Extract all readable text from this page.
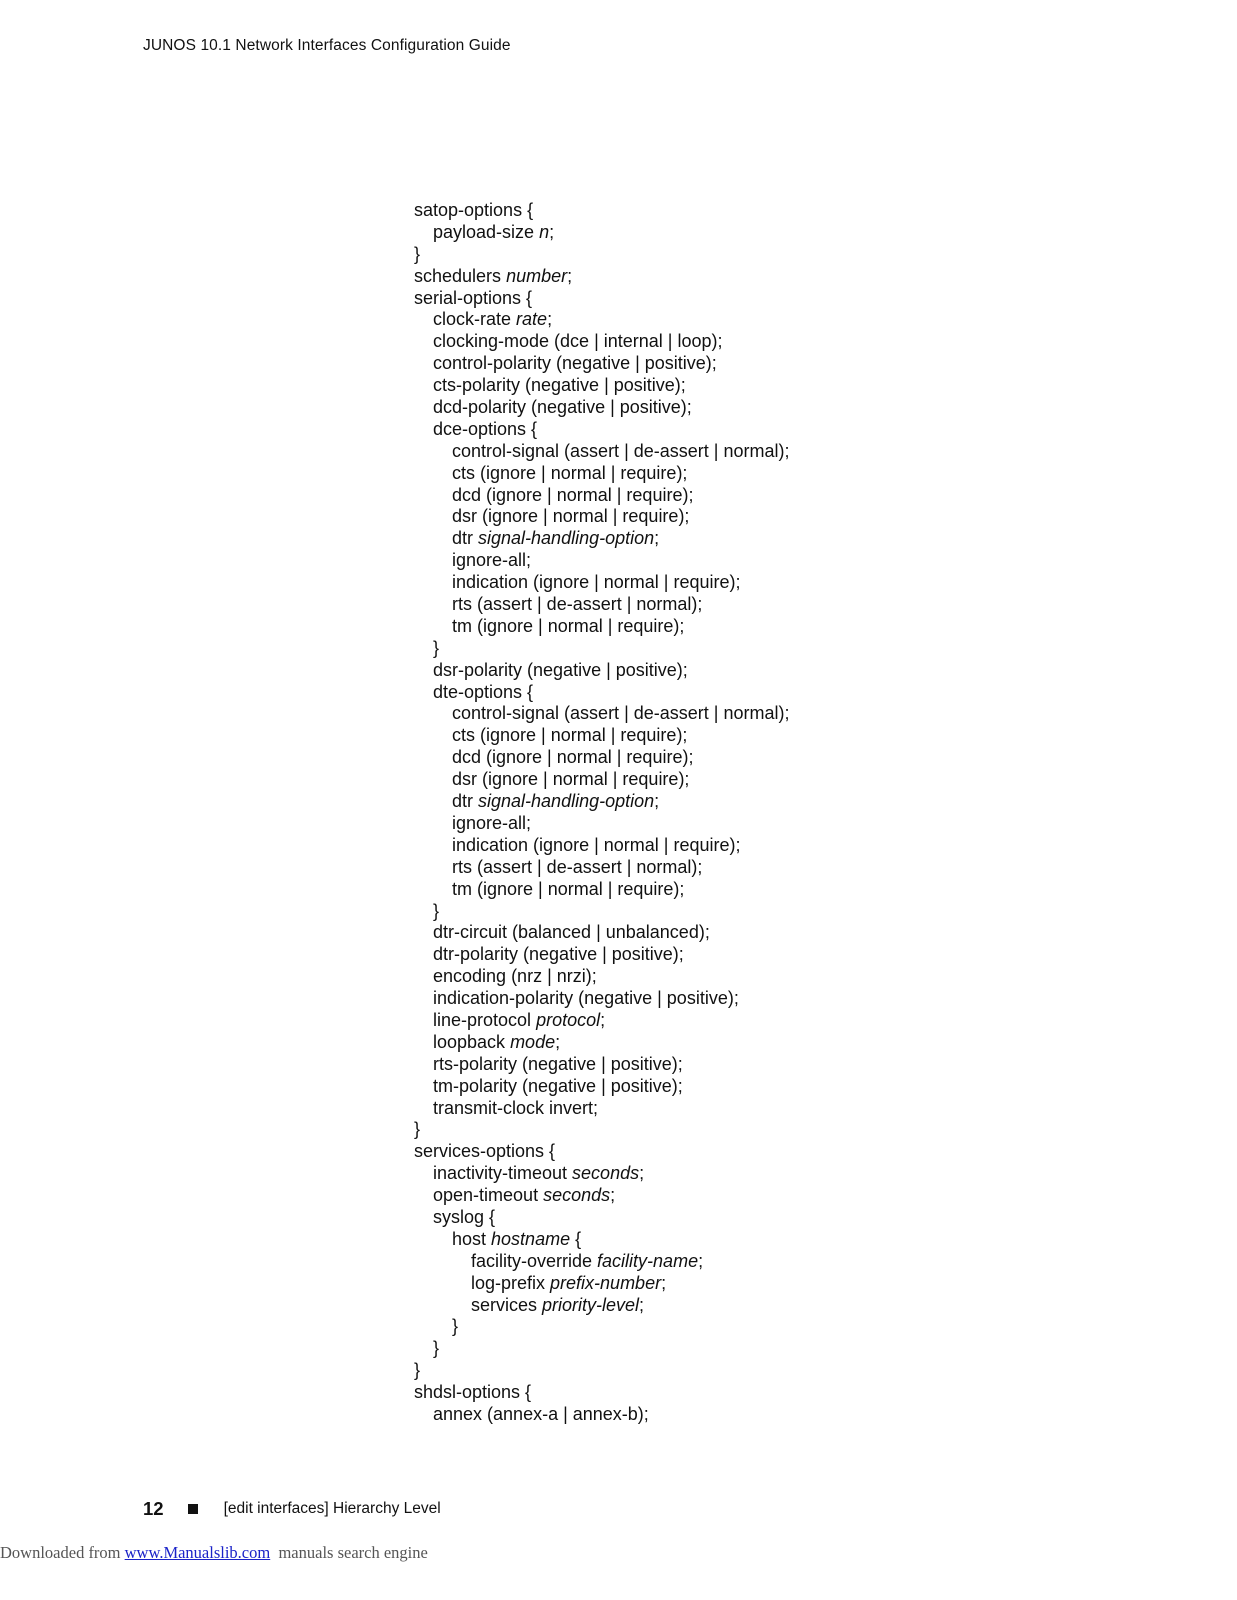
JUNOS 10.1 Network Interfaces Configuration Guide
satop-options {
payload-size n;
}
schedulers number;
serial-options {
clock-rate rate;
clocking-mode (dce | internal | loop);
control-polarity (negative | positive);
cts-polarity (negative | positive);
dcd-polarity (negative | positive);
dce-options {
control-signal (assert | de-assert | normal);
cts (ignore | normal | require);
dcd (ignore | normal | require);
dsr (ignore | normal | require);
dtr signal-handling-option;
ignore-all;
indication (ignore | normal | require);
rts (assert | de-assert | normal);
tm (ignore | normal | require);
}
dsr-polarity (negative | positive);
dte-options {
control-signal (assert | de-assert | normal);
cts (ignore | normal | require);
dcd (ignore | normal | require);
dsr (ignore | normal | require);
dtr signal-handling-option;
ignore-all;
indication (ignore | normal | require);
rts (assert | de-assert | normal);
tm (ignore | normal | require);
}
dtr-circuit (balanced | unbalanced);
dtr-polarity (negative | positive);
encoding (nrz | nrzi);
indication-polarity (negative | positive);
line-protocol protocol;
loopback mode;
rts-polarity (negative | positive);
tm-polarity (negative | positive);
transmit-clock invert;
}
services-options {
inactivity-timeout seconds;
open-timeout seconds;
syslog {
host hostname {
facility-override facility-name;
log-prefix prefix-number;
services priority-level;
}
}
}
shdsl-options {
annex (annex-a | annex-b);
12	[edit interfaces] Hierarchy Level
Downloaded from www.Manualslib.com  manuals search engine
